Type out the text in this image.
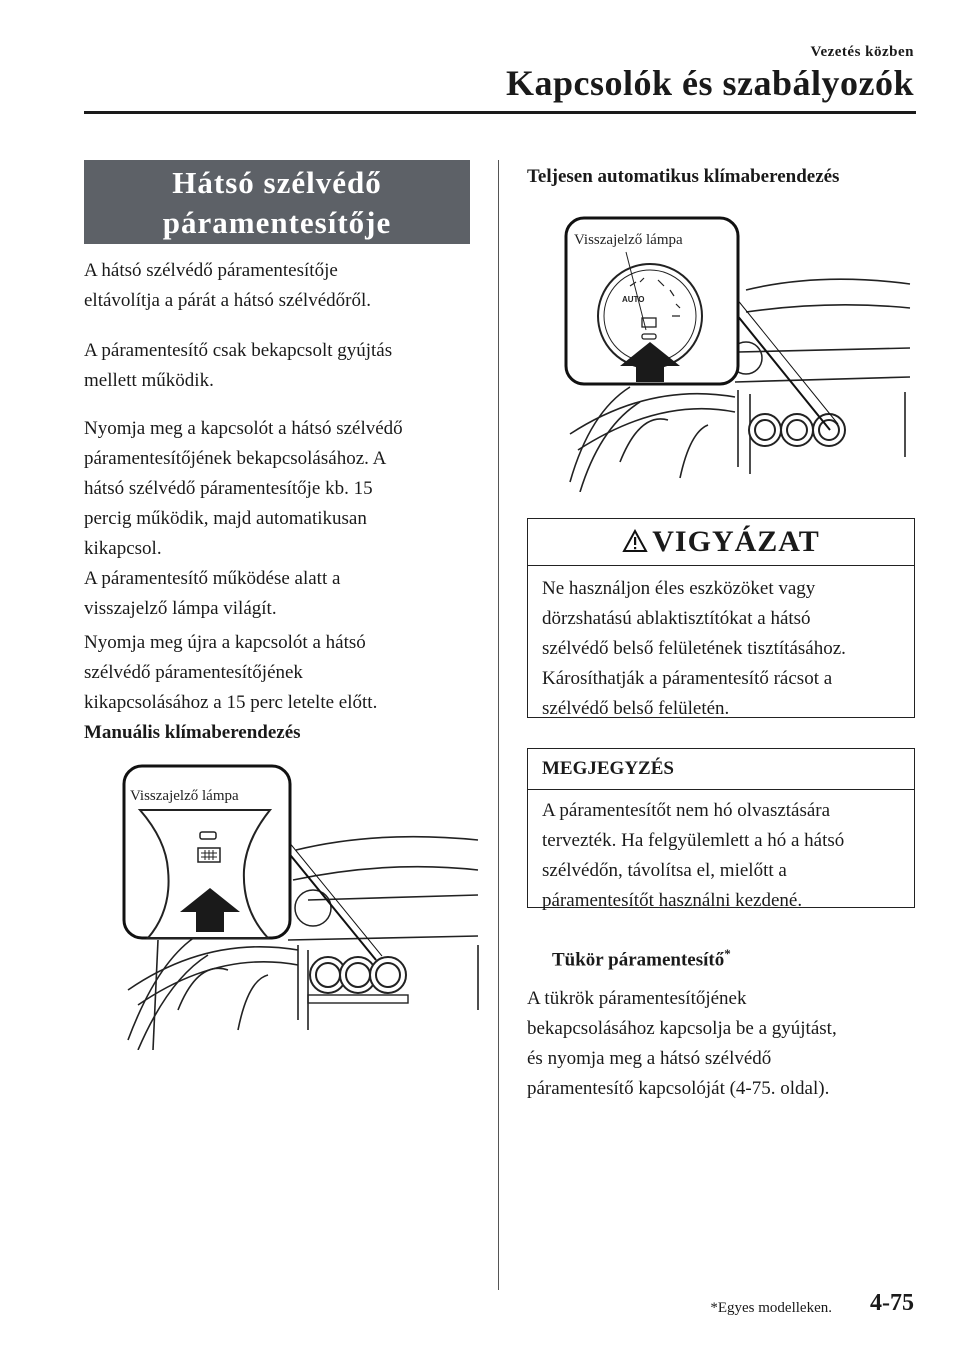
Vezetés közben
Kapcsolók és szabályozók
Hátsó szélvédő
páramentesítője

A hátsó szélvédő páramentesítője

eltávolítja a párát a hátsó szélvédőről.

A páramentesítő csak bekapcsolt gyújtás

mellett működik.

Nyomja meg a kapcsolót a hátsó szélvédő

páramentesítőjének bekapcsolásához. A

hátsó szélvédő páramentesítője kb. 15

percig működik, majd automatikusan

kikapcsol.

A páramentesítő működése alatt a

visszajelző lámpa világít.

Nyomja meg újra a kapcsolót a hátsó

szélvédő páramentesítőjének

kikapcsolásához a 15 perc letelte előtt.

Manuális klímaberendezés

Visszajelző lámpa
Teljesen automatikus klímaberendezés
Visszajelző lámpa
AUTO
VIGYÁZAT
Ne használjon éles eszközöket vagy
dörzshatású ablaktisztítókat a hátsó
szélvédő belső felületének tisztításához.
Károsíthatják a páramentesítő rácsot a
szélvédő belső felületén.
MEGJEGYZÉS
A páramentesítőt nem hó olvasztására
tervezték. Ha felgyülemlett a hó a hátsó
szélvédőn, távolítsa el, mielőtt a
páramentesítőt használni kezdené.
Tükör páramentesítő*

A tükrök páramentesítőjének

bekapcsolásához kapcsolja be a gyújtást,

és nyomja meg a hátsó szélvédő

páramentesítő kapcsolóját (4-75. oldal).

*Egyes modelleken. 4-75
